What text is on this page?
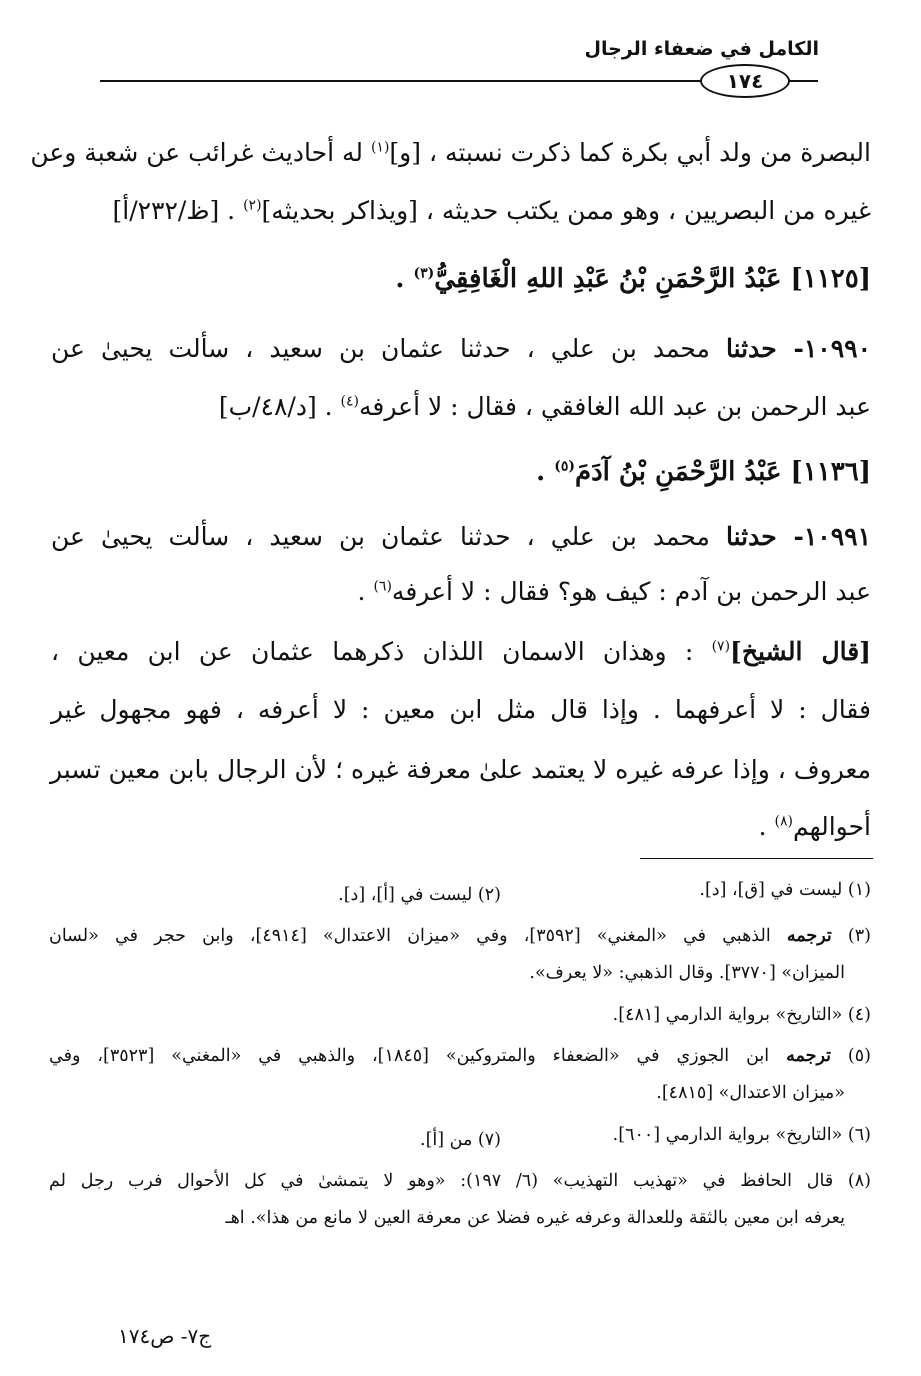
الكامل في ضعفاء الرجال
١٧٤
البصرة من ولد أبي بكرة كما ذكرت نسبته ، [و]$^{(١)}$ له أحاديث غرائب عن شعبة وعن
غيره من البصريين ، وهو ممن يكتب حديثه ، [ويذاكر بحديثه]$^{(٢)}$ . [ظ/٢٣٢/أ]
[١١٢٥] عَبْدُ الرَّحْمَنِ بْنُ عَبْدِ اللهِ الْغَافِقِيُّ$^{(٣)}$ .
١٠٩٩٠- حدثنا محمد بن علي ، حدثنا عثمان بن سعيد ، سألت يحيىٰ عن
عبد الرحمن بن عبد الله الغافقي ، فقال : لا أعرفه$^{(٤)}$ . [د/٤٨/ب]
[١١٣٦] عَبْدُ الرَّحْمَنِ بْنُ آدَمَ$^{(٥)}$ .
١٠٩٩١- حدثنا محمد بن علي ، حدثنا عثمان بن سعيد ، سألت يحيىٰ عن
عبد الرحمن بن آدم : كيف هو؟ فقال : لا أعرفه$^{(٦)}$ .
[قال الشيخ]$^{(٧)}$ : وهذان الاسمان اللذان ذكرهما عثمان عن ابن معين ،
فقال : لا أعرفهما . وإذا قال مثل ابن معين : لا أعرفه ، فهو مجهول غير
معروف ، وإذا عرفه غيره لا يعتمد علىٰ معرفة غيره ؛ لأن الرجال بابن معين تسبر
أحوالهم$^{(٨)}$ .
(١) ليست في [ق]، [د].
(٢) ليست في [أ]، [د].
(٣) ترجمه الذهبي في «المغني» [٣٥٩٢]، وفي «ميزان الاعتدال» [٤٩١٤]، وابن حجر في «لسان
الميزان» [٣٧٧٠]. وقال الذهبي: «لا يعرف».
(٤) «التاريخ» برواية الدارمي [٤٨١].
(٥) ترجمه ابن الجوزي في «الضعفاء والمتروكين» [١٨٤٥]، والذهبي في «المغني» [٣٥٢٣]، وفي
«ميزان الاعتدال» [٤٨١٥].
(٦) «التاريخ» برواية الدارمي [٦٠٠].
(٧) من [أ].
(٨) قال الحافظ في «تهذيب التهذيب» (٦/ ١٩٧): «وهو لا يتمشىٰ في كل الأحوال فرب رجل لم
يعرفه ابن معين بالثقة وللعدالة وعرفه غيره فضلا عن معرفة العين لا مانع من هذا». اهـ
ج٧- ص١٧٤
